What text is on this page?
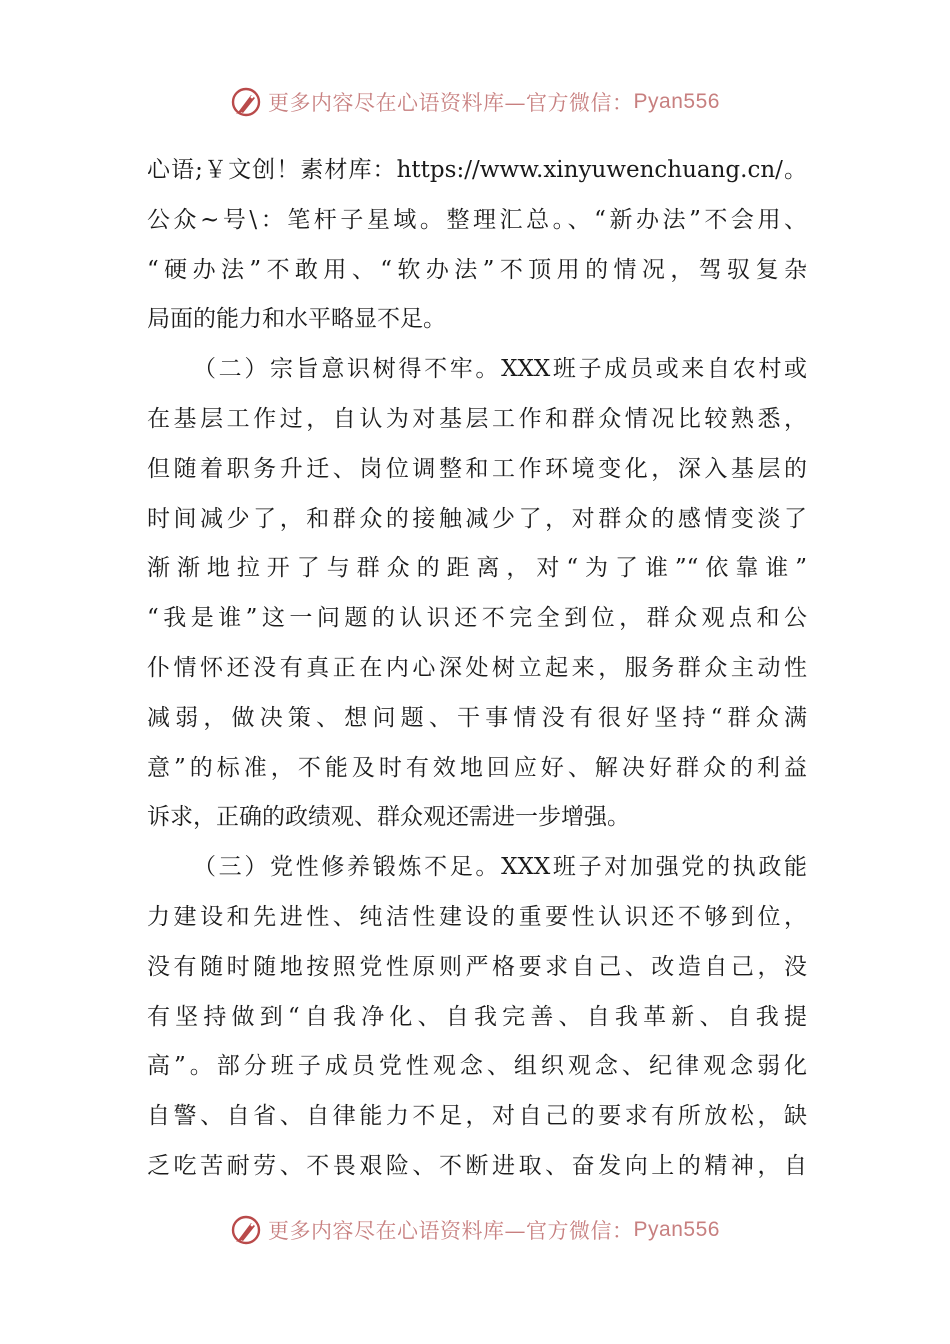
更多内容尽在心语资料库—官方微信： Pyan556
心语;￥文创！素材库：https://www.xinyuwenchuang.cn/。
公众~号\：笔杆子星域。整理汇总。、“新办法”不会用、
“硬办法”不敢用、“软办法”不顶用的情况，驾驭复杂
局面的能力和水平略显不足。
（二）宗旨意识树得不牢。XXX班子成员或来自农村或
在基层工作过，自认为对基层工作和群众情况比较熟悉，
但随着职务升迁、岗位调整和工作环境变化，深入基层的
时间减少了，和群众的接触减少了，对群众的感情变淡了
渐渐地拉开了与群众的距离，对“为了谁”“依靠谁”
“我是谁”这一问题的认识还不完全到位，群众观点和公
仆情怀还没有真正在内心深处树立起来，服务群众主动性
减弱，做决策、想问题、干事情没有很好坚持“群众满
意”的标准，不能及时有效地回应好、解决好群众的利益
诉求，正确的政绩观、群众观还需进一步增强。
（三）党性修养锻炼不足。XXX班子对加强党的执政能
力建设和先进性、纯洁性建设的重要性认识还不够到位，
没有随时随地按照党性原则严格要求自己、改造自己，没
有坚持做到“自我净化、自我完善、自我革新、自我提
高”。部分班子成员党性观念、组织观念、纪律观念弱化
自警、自省、自律能力不足，对自己的要求有所放松，缺
乏吃苦耐劳、不畏艰险、不断进取、奋发向上的精神，自
更多内容尽在心语资料库—官方微信： Pyan556
